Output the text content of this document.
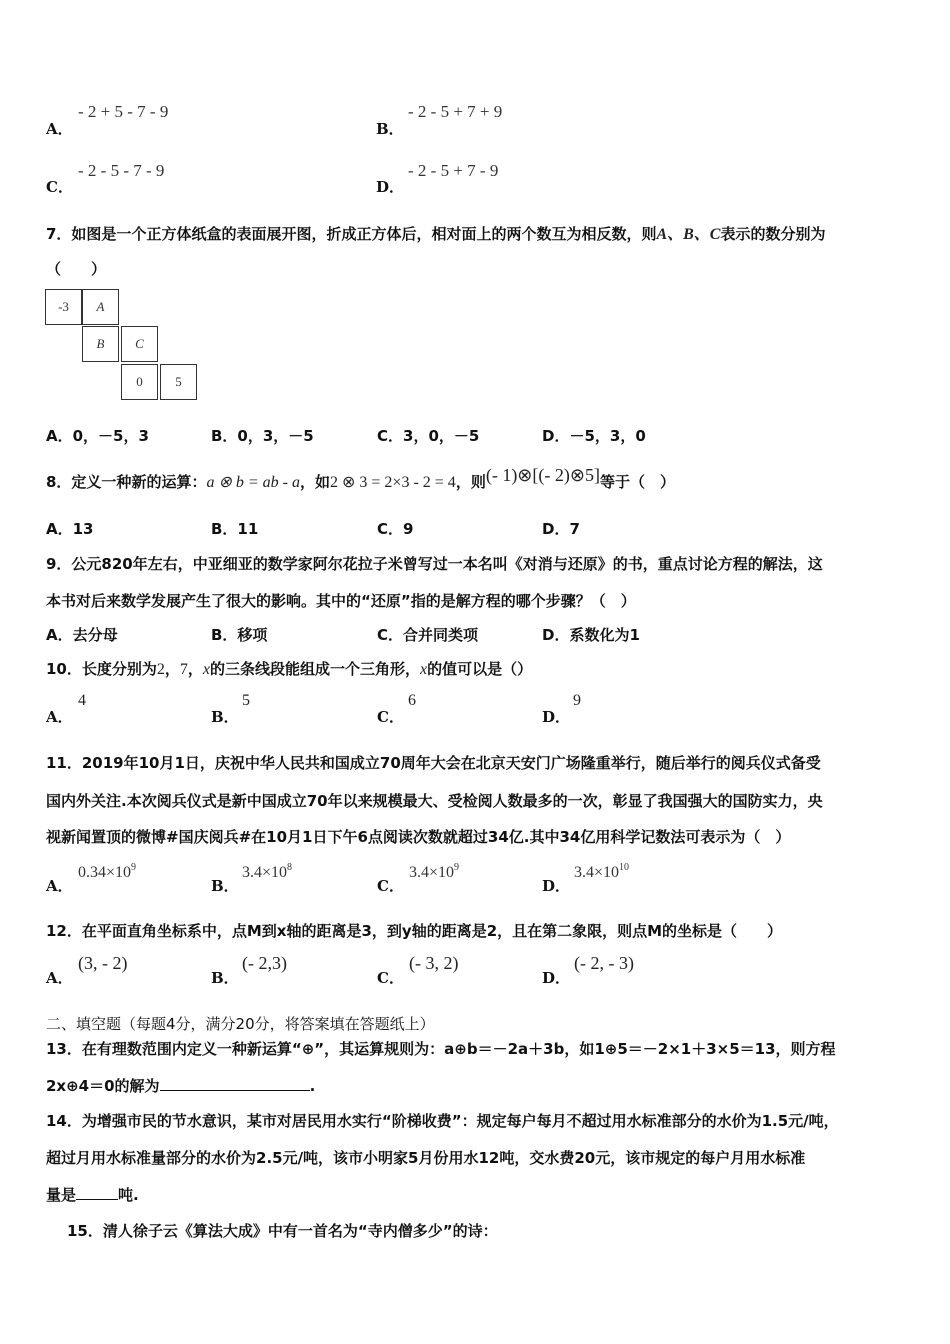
A．
- 2 + 5 - 7 - 9
B．
- 2 - 5 + 7 + 9
C．
- 2 - 5 - 7 - 9
D．
- 2 - 5 + 7 - 9
7．如图是一个正方体纸盒的表面展开图，折成正方体后，相对面上的两个数互为相反数，则A、B、C表示的数分别为
（　　）
-3	A
B	C
0	5
A．0，－5，3	B．0，3，－5	C．3，0，－5	D．－5，3，0
8．定义一种新的运算：a ⊗ b = ab - a，如2 ⊗ 3 = 2×3 - 2 = 4，则(- 1)⊗[(- 2)⊗5]等于（　）
A．13	B．11	C．9	D．7
9．公元820年左右，中亚细亚的数学家阿尔花拉子米曾写过一本名叫《对消与还原》的书，重点讨论方程的解法，这
本书对后来数学发展产生了很大的影响。其中的“还原”指的是解方程的哪个步骤？（　）
A．去分母	B．移项	C．合并同类项	D．系数化为1
10．长度分别为2，7，x的三条线段能组成一个三角形，x的值可以是（）
A．
4
B．
5
C．
6
D．
9
11．2019年10月1日，庆祝中华人民共和国成立70周年大会在北京天安门广场隆重举行，随后举行的阅兵仪式备受
国内外关注.本次阅兵仪式是新中国成立70年以来规模最大、受检阅人数最多的一次，彰显了我国强大的国防实力，央
视新闻置顶的微博#国庆阅兵#在10月1日下午6点阅读次数就超过34亿.其中34亿用科学记数法可表示为（　）
A．
$0.34\times 10^9$
B．
$3.4\times 10^8$
C．
$3.4\times 10^9$
D．
$3.4\times 10^{10}$
12．在平面直角坐标系中，点M到x轴的距离是3，到y轴的距离是2，且在第二象限，则点M的坐标是（　　）
A．
(3, - 2)
B．
(- 2,3)
C．
(- 3, 2)
D．
(- 2, - 3)
二、填空题（每题4分，满分20分，将答案填在答题纸上）
13．在有理数范围内定义一种新运算“⊕”，其运算规则为：a⊕b＝－2a＋3b，如1⊕5＝－2×1＋3×5＝13，则方程
2x⊕4＝0的解为	.
14．为增强市民的节水意识，某市对居民用水实行“阶梯收费”：规定每户每月不超过用水标准部分的水价为1.5元/吨，
超过月用水标准量部分的水价为2.5元/吨，该市小明家5月份用水12吨，交水费20元，该市规定的每户月用水标准
量是	吨.
15．清人徐子云《算法大成》中有一首名为“寺内僧多少”的诗：
